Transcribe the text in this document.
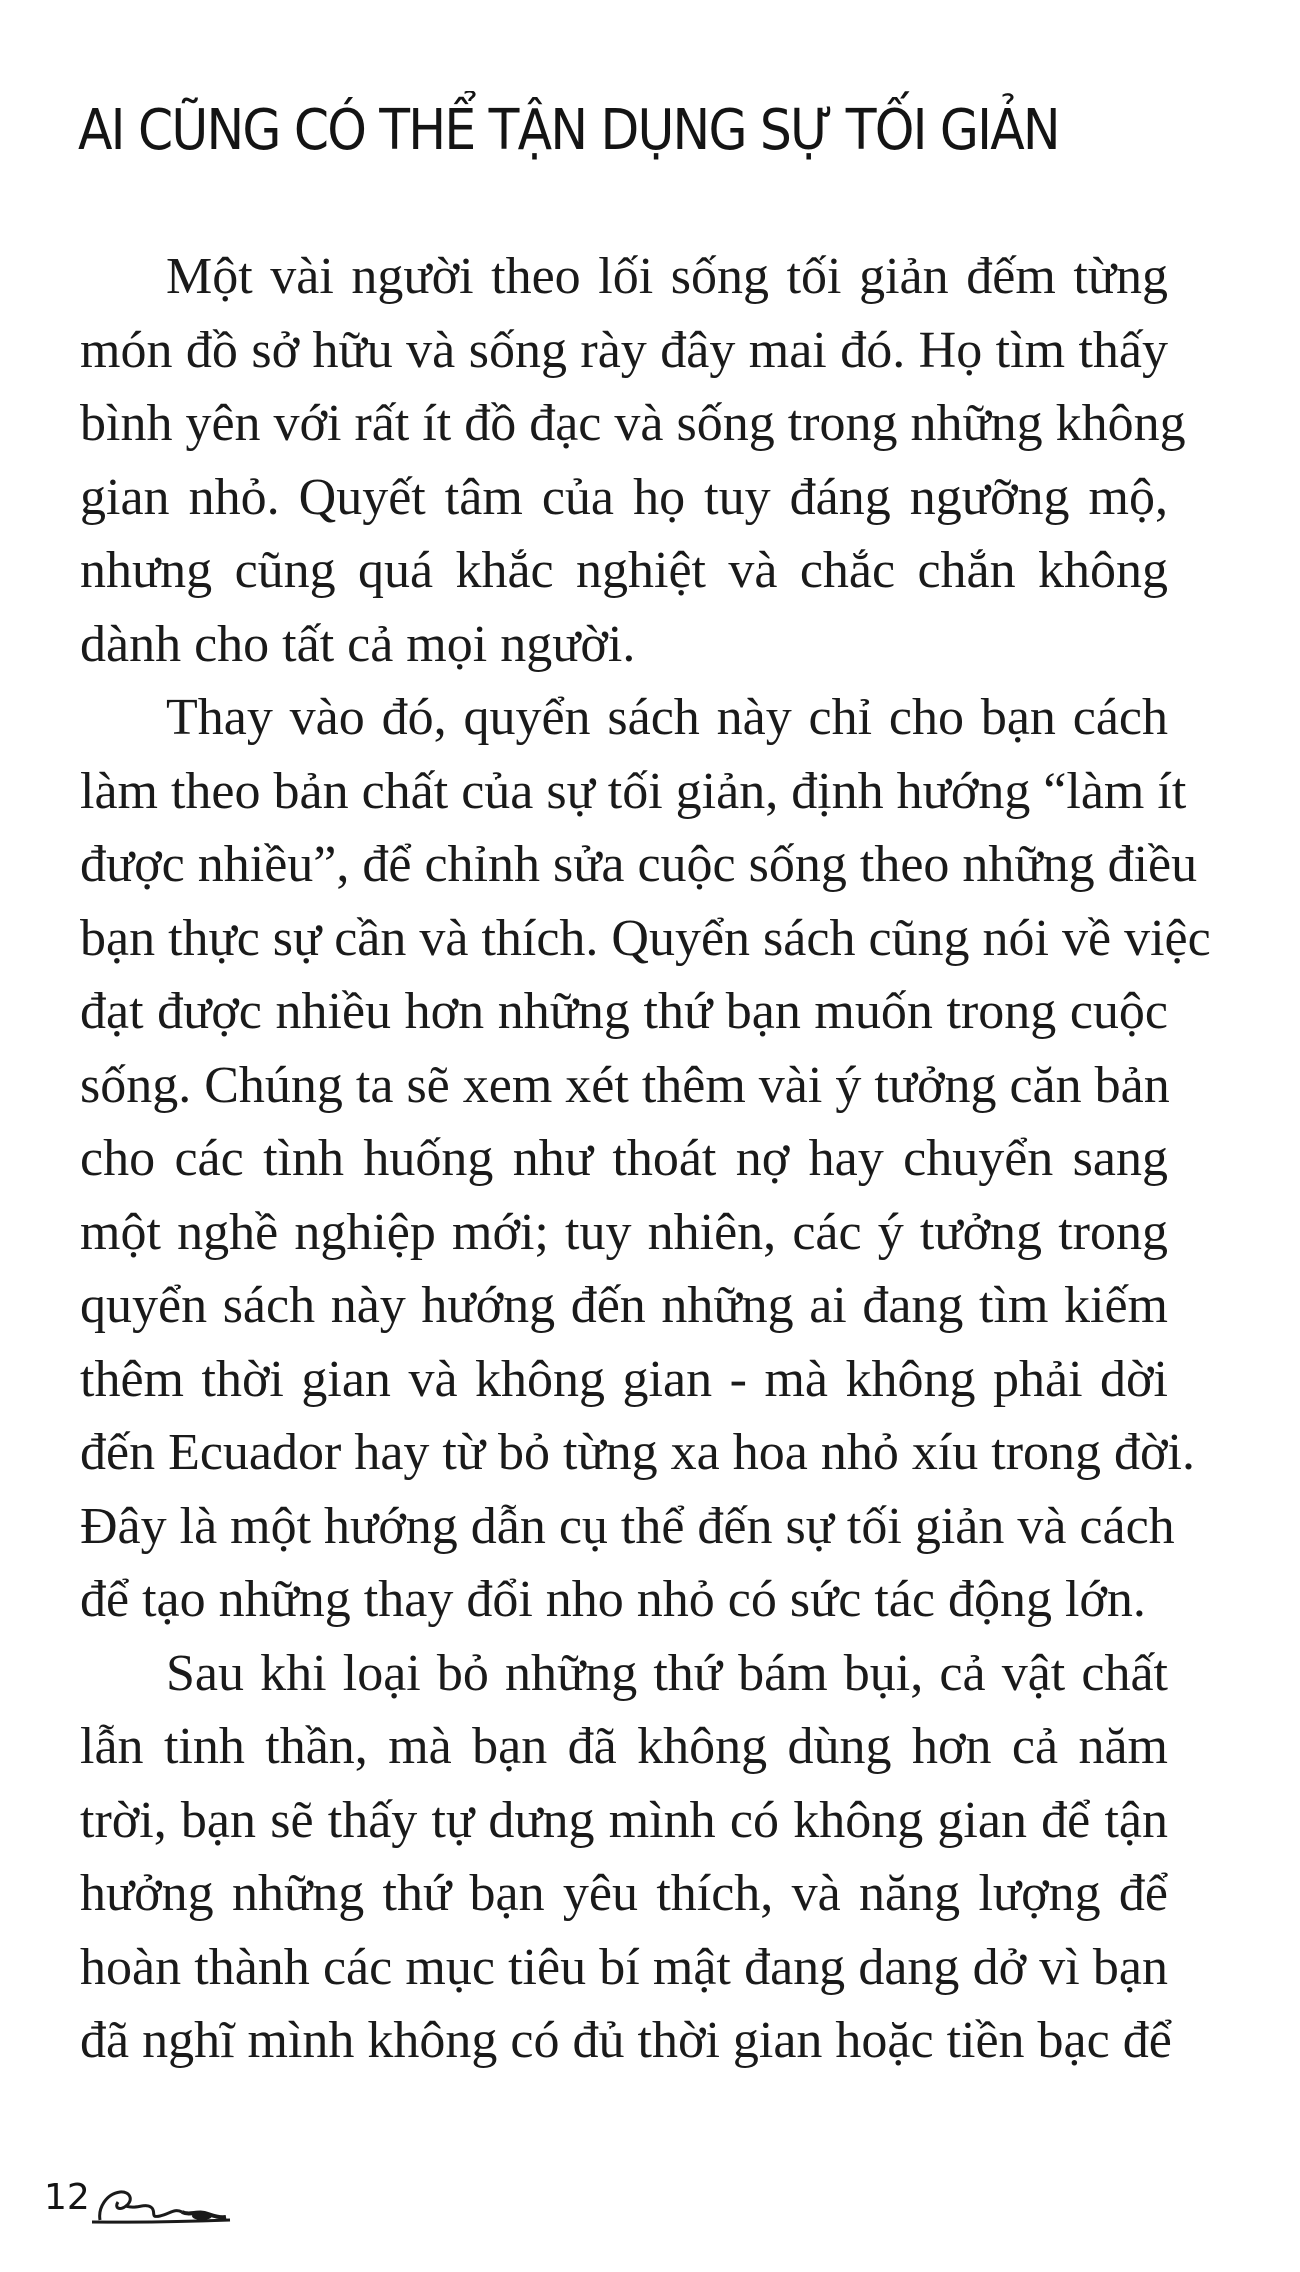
AI CŨNG CÓ THỂ TẬN DỤNG SỰ TỐI GIẢN

Một vài người theo lối sống tối giản đếm từng
món đồ sở hữu và sống rày đây mai đó. Họ tìm thấy
bình yên với rất ít đồ đạc và sống trong những không
gian nhỏ. Quyết tâm của họ tuy đáng ngưỡng mộ,
nhưng cũng quá khắc nghiệt và chắc chắn không
dành cho tất cả mọi người.

Thay vào đó, quyển sách này chỉ cho bạn cách
làm theo bản chất của sự tối giản, định hướng “làm ít
được nhiều”, để chỉnh sửa cuộc sống theo những điều
bạn thực sự cần và thích. Quyển sách cũng nói về việc
đạt được nhiều hơn những thứ bạn muốn trong cuộc
sống. Chúng ta sẽ xem xét thêm vài ý tưởng căn bản
cho các tình huống như thoát nợ hay chuyển sang
một nghề nghiệp mới; tuy nhiên, các ý tưởng trong
quyển sách này hướng đến những ai đang tìm kiếm
thêm thời gian và không gian - mà không phải dời
đến Ecuador hay từ bỏ từng xa hoa nhỏ xíu trong đời.
Đây là một hướng dẫn cụ thể đến sự tối giản và cách
để tạo những thay đổi nho nhỏ có sức tác động lớn.

Sau khi loại bỏ những thứ bám bụi, cả vật chất
lẫn tinh thần, mà bạn đã không dùng hơn cả năm
trời, bạn sẽ thấy tự dưng mình có không gian để tận
hưởng những thứ bạn yêu thích, và năng lượng để
hoàn thành các mục tiêu bí mật đang dang dở vì bạn
đã nghĩ mình không có đủ thời gian hoặc tiền bạc để

12
